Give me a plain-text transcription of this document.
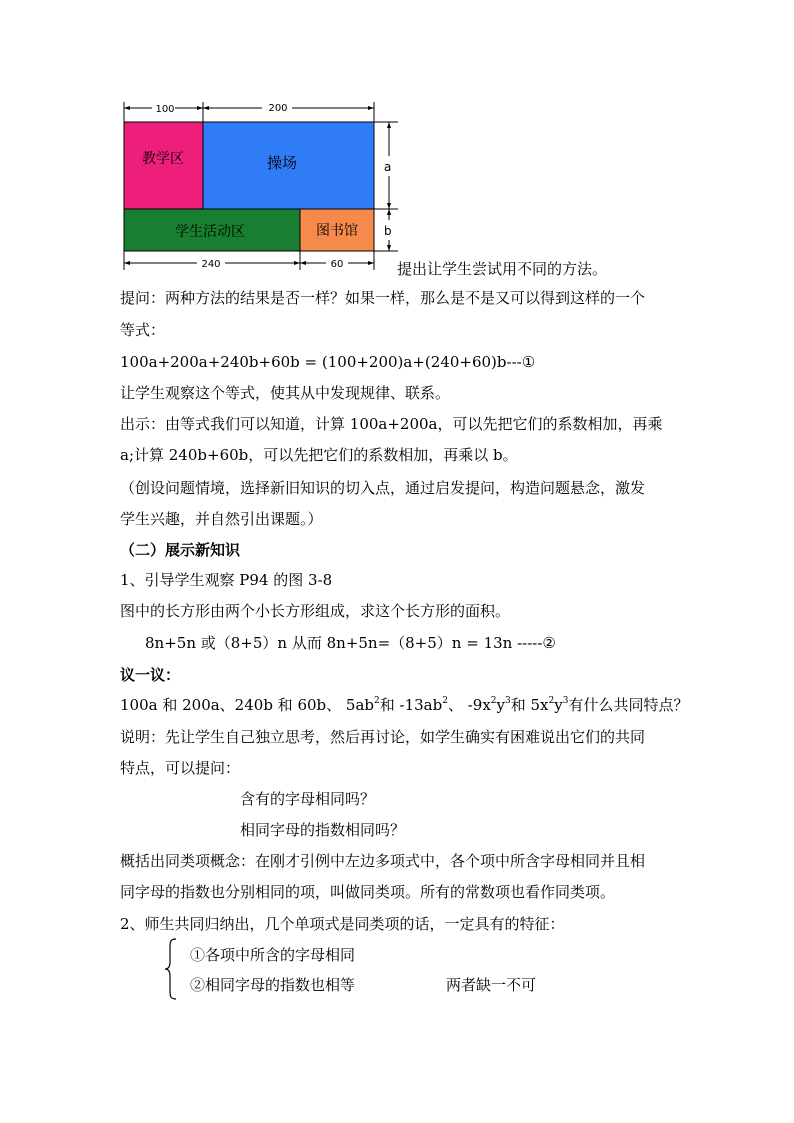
100	200
教学区	操场
学生活动区	图书馆
a
b
240	60	提出让学生尝试用不同的方法。
提问：两种方法的结果是否一样？如果一样，那么是不是又可以得到这样的一个
等式：
100a+200a+240b+60b = (100+200)a+(240+60)b---①
让学生观察这个等式，使其从中发现规律、联系。
出示：由等式我们可以知道，计算 100a+200a，可以先把它们的系数相加，再乘
a;计算 240b+60b，可以先把它们的系数相加，再乘以 b。
（创设问题情境，选择新旧知识的切入点，通过启发提问，构造问题悬念，激发
学生兴趣，并自然引出课题。）
（二）展示新知识
1、引导学生观察 P94 的图 3-8
图中的长方形由两个小长方形组成，求这个长方形的面积。
8n+5n 或（8+5）n 从而 8n+5n=（8+5）n = 13n -----②
议一议：
100a 和 200a、240b 和 60b、 $5ab^2$和 $-13ab^2$、 $-9x^2y^3$和 $5x^2y^3$有什么共同特点？
说明：先让学生自己独立思考，然后再讨论，如学生确实有困难说出它们的共同
特点，可以提问：
含有的字母相同吗？
相同字母的指数相同吗？
概括出同类项概念：在刚才引例中左边多项式中，各个项中所含字母相同并且相
同字母的指数也分别相同的项，叫做同类项。所有的常数项也看作同类项。
2、师生共同归纳出，几个单项式是同类项的话，一定具有的特征：
①各项中所含的字母相同
②相同字母的指数也相等	两者缺一不可
